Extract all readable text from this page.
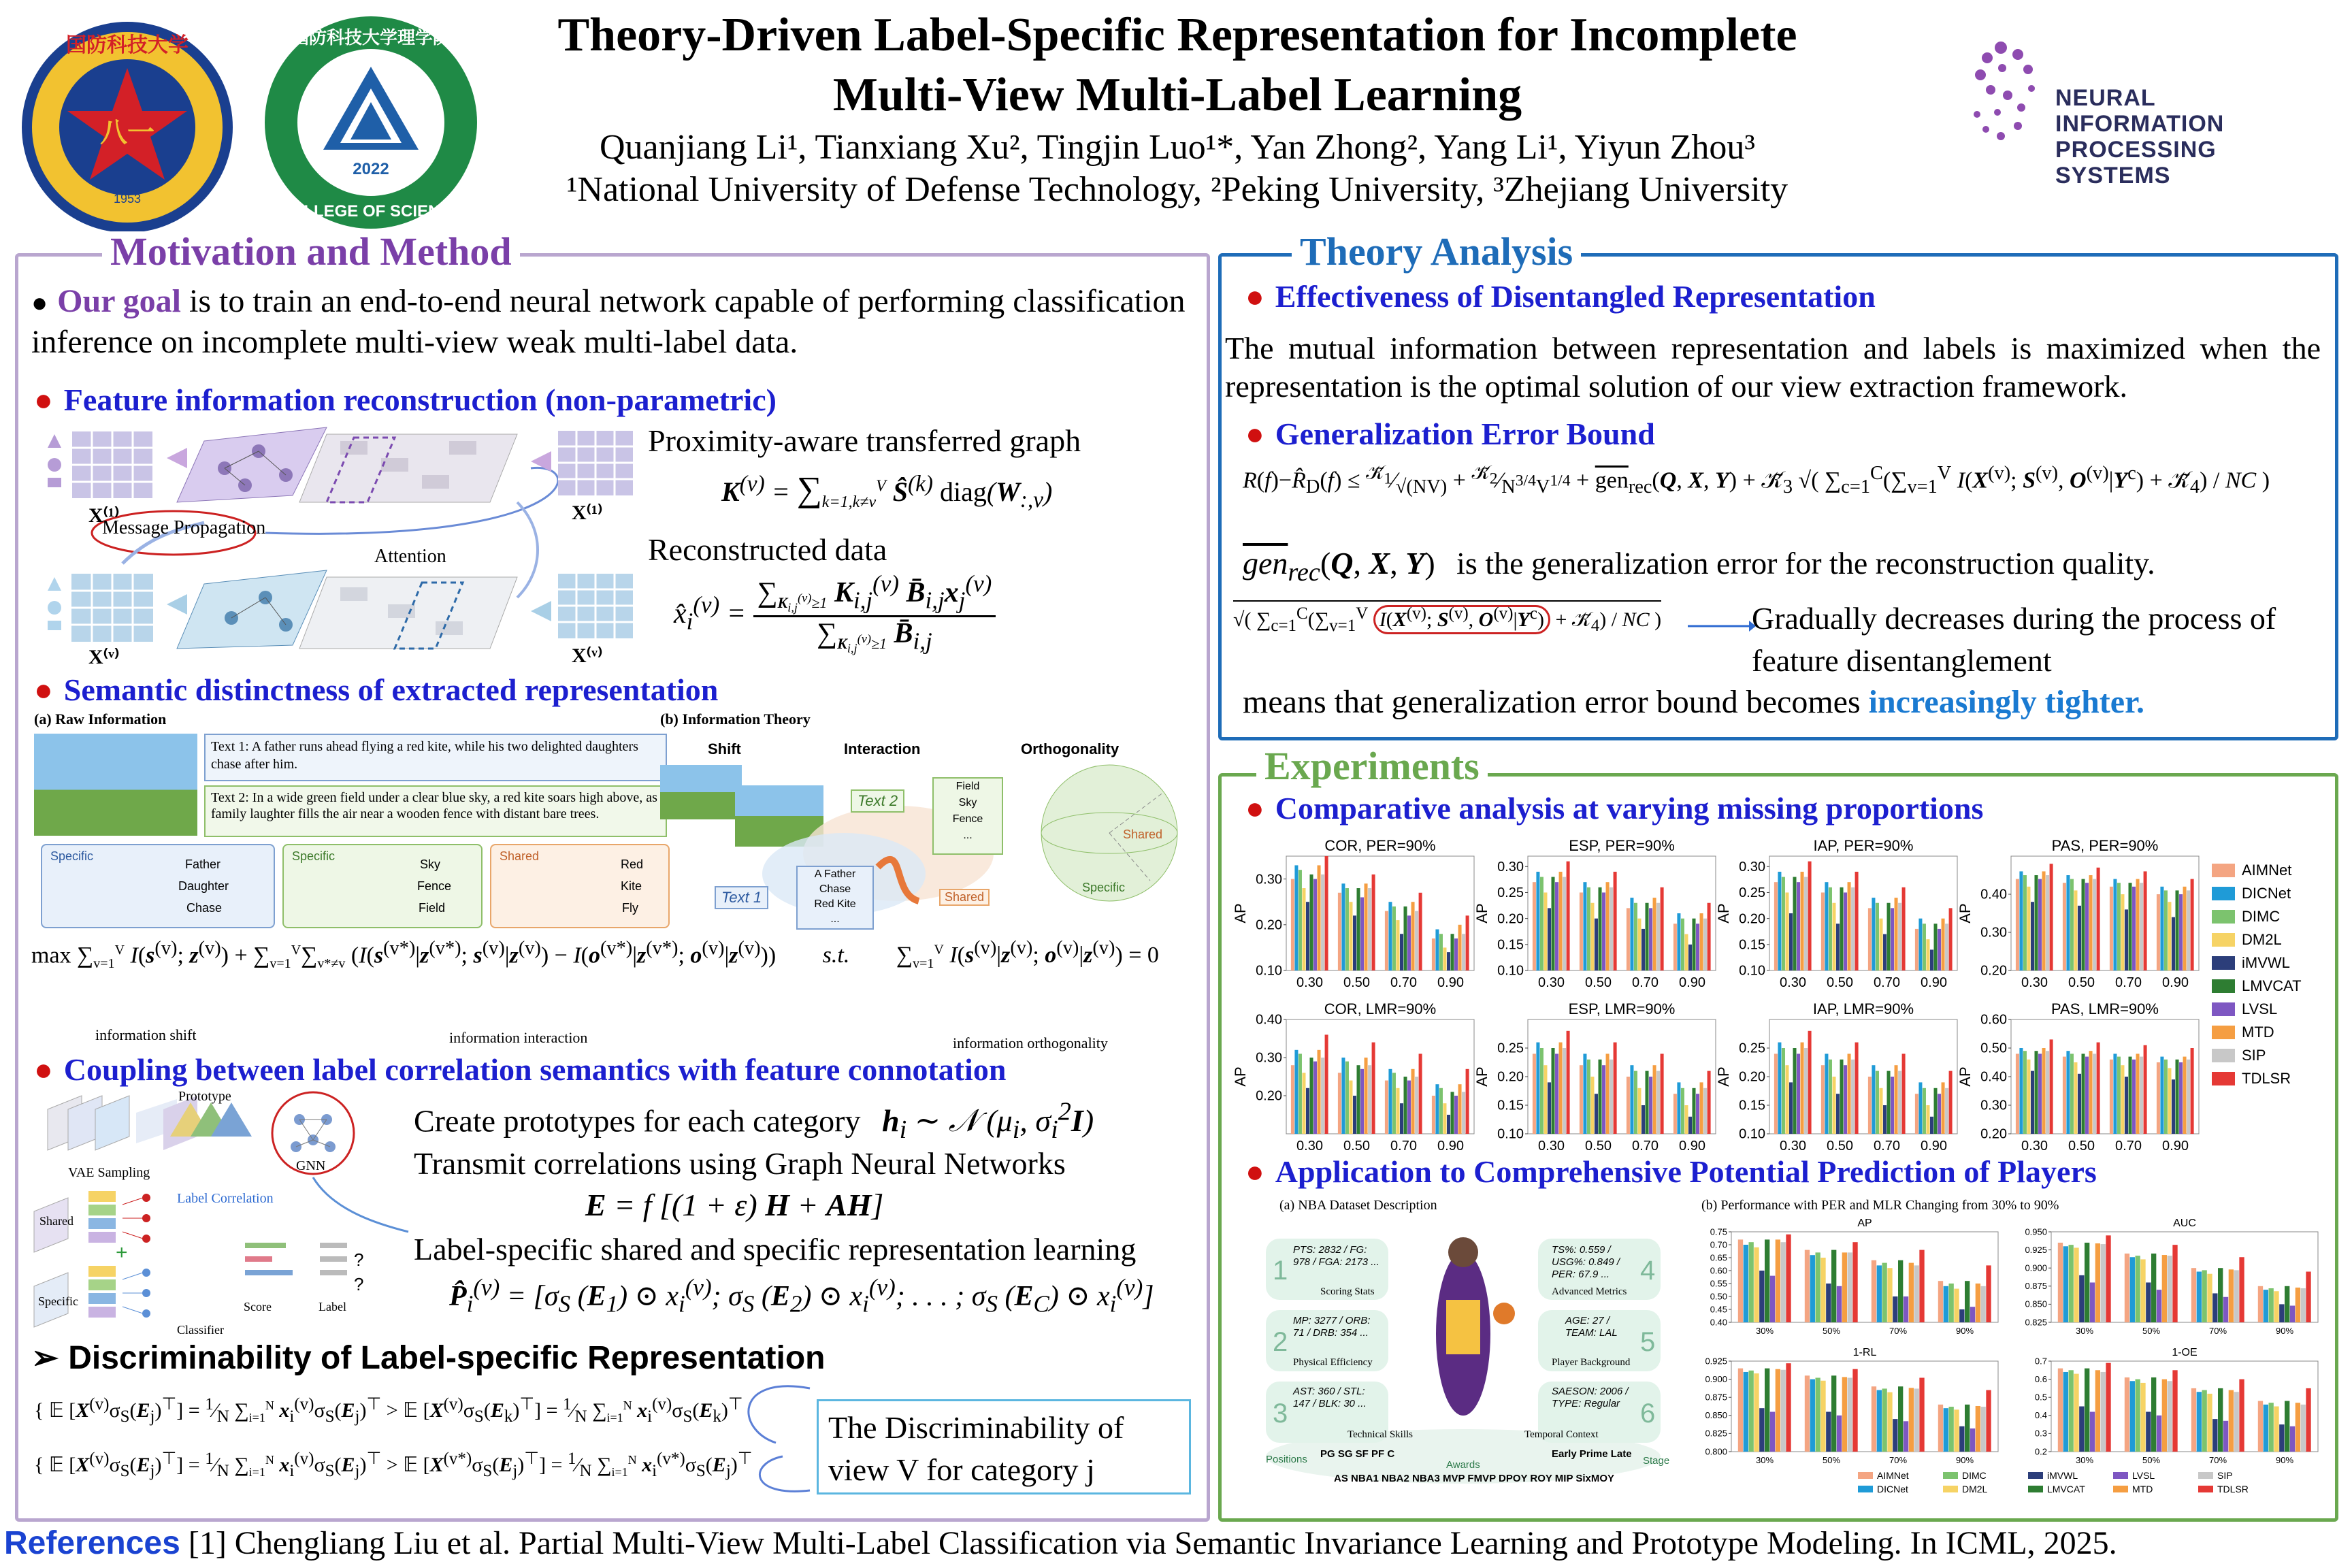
八一
1953
国防科技大学
2022
国防科技大学理学院
COLLEGE OF SCIENCE
Theory-Driven Label-Specific Representation for Incomplete
Multi-View Multi-Label Learning
Quanjiang Li¹, Tianxiang Xu², Tingjin Luo¹*, Yan Zhong², Yang Li¹, Yiyun Zhou³
¹National University of Defense Technology, ²Peking University, ³Zhejiang University
NEURAL INFORMATION
PROCESSING SYSTEMS
Motivation and Method
● Our goal is to train an end-to-end neural network capable of performing classification inference on incomplete multi-view weak multi-label data.
● Feature information reconstruction (non-parametric)
Message Propagation
Attention
X⁽¹⁾
X⁽ᵛ⁾
X⁽¹⁾
X⁽ᵛ⁾
Proximity-aware transferred graph
$K^{(v)} = \sum_{k=1,k\ne v}^V$ $Ŝ^{(k)}$ $diag(W_{:,v})$
Reconstructed data
$x̂_i^{(v)}$ =
$\sum_{K_{i,j}^{(v)}\ge 1}$ $K_{i,j}^{(v)}$ $B̄_{i,j}x_j^{(v)}$
$\sum_{K_{i,j}^{(v)}\ge 1}$ $B̄_{i,j}$
● Semantic distinctness of extracted representation
(a) Raw Information
Text 1: A father runs ahead flying a red kite, while his two delighted daughters chase after him.
Text 2: In a wide green field under a clear blue sky, a red kite soars high above, as family laughter fills the air near a wooden fence with distant bare trees.
Specific
Father
Daughter
Chase
Specific
Sky
Fence
Field
Shared
Red
Kite
Fly
(b) Information Theory
Shift	Interaction	Orthogonality
Text 2
Field
Sky
Fence
...
Text 1
A Father
Chase
Red Kite
...
Shared
Shared
Specific
$\max \sum_{v=1}^V$ $I(s^{(v)}$; $z^{(v)}) + \sum_{v=1}^V\sum_{v*\ne v}$ ($I(s^{(v*)}|z^{(v*)}$; $s^{(v)}|z^{(v)}) - I(o^{(v*)}|z^{(v*)}$; $o^{(v)}|z^{(v)}$)) s.t. $\sum_{v=1}^V$ $I(s^{(v)}|z^{(v)}$; $o^{(v)}|z^{(v)}) = 0$
information shift	information interaction	information orthogonality
● Coupling between label correlation semantics with feature connotation
+	?
?
Prototype
VAE Sampling	GNN
Label Correlation
Shared
Specific
Classifier
Score	Label
Create prototypes for each category $h_i$ ∼ 𝒩 ($\mu_i$, $\sigma_i^2I$)
Transmit correlations using Graph Neural Networks
E = f [(1 + ε) H + AH]
Label-specific shared and specific representation learning
$P̂_i^{(v)} = [\sigma_S$ $(E_1)$ ⊙ $x_i^{(v)}$; $\sigma_S$ $(E_2)$ ⊙ $x_i^{(v)}$; . . . ; $\sigma_S$ $(E_C)$ ⊙ $x_i^{(v)}$]
➢ Discriminability of Label-specific Representation
{ 𝔼 $[X^{(v)}\sigma_S(E_j)^⊤]$ = $^1⁄_N$ $\sum_{i=1}^N$ $x_i^{(v)}\sigma_S(E_j)^⊤$ > 𝔼 $[X^{(v)}\sigma_S(E_k)^⊤]$ = $^1⁄_N$ $\sum_{i=1}^N$ $x_i^{(v)}\sigma_S(E_k)^⊤$
{ 𝔼 $[X^{(v)}\sigma_S(E_j)^⊤]$ = $^1⁄_N$ $\sum_{i=1}^N$ $x_i^{(v)}\sigma_S(E_j)^⊤$ > 𝔼 $[X^{(v*)}\sigma_S(E_j)^⊤]$ = $^1⁄_N$ $\sum_{i=1}^N$ $x_i^{(v*)}\sigma_S(E_j)^⊤$
The Discriminability of view V for category j
Theory Analysis
● Effectiveness of Disentangled Representation
The mutual information between representation and labels is maximized when the representation is the optimal solution of our view extraction framework.
● Generalization Error Bound
$R(f)-R̂_D(f)$ ≤ $^{𝒦̃_1}⁄_{√(NV)}$ + $^{𝒦̃_2}⁄_{N^{3/4}V^{1/4}} + \overline{gen}_{rec}(Q$, X, $Y) + 𝒦̃_3$ √( $\sum_{c=1}^C(\sum_{v=1}^V$ $I(X^{(v)}$; $S^{(v)}$, $O^{(v)}|Y^c$) + $𝒦̃_4$) / NC )
$\overline{gen}_{rec}(Q$, X, Y) is the generalization error for the reconstruction quality.
√( $\sum_{c=1}^C(\sum_{v=1}^V$ $I(X^{(v)}$; $S^{(v)}$, $O^{(v)}|Y^c$) + $𝒦̃_4$) / NC )	Gradually decreases during the process of feature disentanglement
means that generalization error bound becomes increasingly tighter.
Experiments
● Comparative analysis at varying missing proportions
COR, PER=90%
AP
0.10
0.20
0.30
0.30 0.50 0.70 0.90
ESP, PER=90%
AP
0.10
0.15
0.20
0.25
0.30
0.30 0.50 0.70 0.90
IAP, PER=90%
AP
0.10
0.15
0.20
0.25
0.30
0.30 0.50 0.70 0.90
PAS, PER=90%
AP
0.20
0.30
0.40
0.30 0.50 0.70 0.90
COR, LMR=90%
AP
0.20
0.30
0.40
0.30 0.50 0.70 0.90
ESP, LMR=90%
AP
0.10
0.15
0.20
0.25
0.30 0.50 0.70 0.90
IAP, LMR=90%
AP
0.10
0.15
0.20
0.25
0.30 0.50 0.70 0.90
PAS, LMR=90%
AP
0.20
0.30
0.40
0.50
0.60
0.30 0.50 0.70 0.90
AIMNet
DICNet
DIMC
DM2L
iMVWL
LMVCAT
LVSL
MTD
SIP
TDLSR
● Application to Comprehensive Potential Prediction of Players
(a) NBA Dataset Description
1
2
3
4
5
6
PTS: 2832 / FG: 978 / FGA: 2173 ...
Scoring Stats
MP: 3277 / ORB: 71 / DRB: 354 ...
Physical Efficiency
AST: 360 / STL: 147 / BLK: 30 ...
Technical Skills
TS%: 0.559 / USG%: 0.849 / PER: 67.9 ...
Advanced Metrics
AGE: 27 / TEAM: LAL
Player Background
SAESON: 2006 / TYPE: Regular
Temporal Context
Positions PG SG SF PF C
Awards
AS NBA1 NBA2 NBA3 MVP FMVP DPOY ROY MIP SixMOY
Early Prime Late
Stage
(b) Performance with PER and MLR Changing from 30% to 90%
AP
0.40
0.45
0.50
0.55
0.60
0.65
0.70
0.75
30%	50%	70%	90%
AUC
0.825
0.850
0.875
0.900
0.925
0.950
30%	50%	70%	90%
1-RL
0.800
0.825
0.850
0.875
0.900
0.925
30%	50%	70%	90%
1-OE
0.2
0.3
0.4
0.5
0.6
0.7
30%	50%	70%	90%
AIMNet	DIMC	iMVWL	LVSL	SIP
DICNet	DM2L	LMVCAT	MTD	TDLSR
References [1] Chengliang Liu et al. Partial Multi-View Multi-Label Classification via Semantic Invariance Learning and Prototype Modeling. In ICML, 2025.
